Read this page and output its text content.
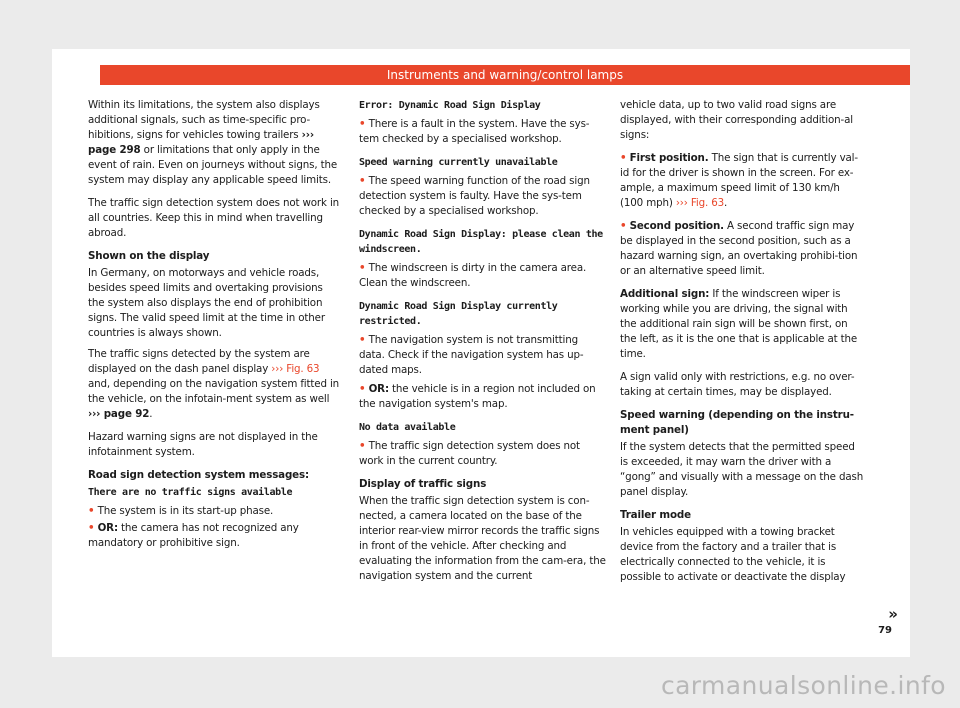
Instruments and warning/control lamps

Within its limitations, the system also displays additional signals, such as time-specific pro-hibitions, signs for vehicles towing trailers ››› page 298 or limitations that only apply in the event of rain. Even on journeys without signs, the system may display any applicable speed limits.

The traffic sign detection system does not work in all countries. Keep this in mind when travelling abroad.

Shown on the display
In Germany, on motorways and vehicle roads, besides speed limits and overtaking provisions the system also displays the end of prohibition signs. The valid speed limit at the time in other countries is always shown.

The traffic signs detected by the system are displayed on the dash panel display ››› Fig. 63 and, depending on the navigation system fitted in the vehicle, on the infotain-ment system as well ››› page 92.

Hazard warning signs are not displayed in the infotainment system.

Road sign detection system messages:
There are no traffic signs available

• The system is in its start-up phase.

• OR: the camera has not recognized any mandatory or prohibitive sign.

Error: Dynamic Road Sign Display

• There is a fault in the system. Have the sys-tem checked by a specialised workshop.

Speed warning currently unavailable

• The speed warning function of the road sign detection system is faulty. Have the sys-tem checked by a specialised workshop.

Dynamic Road Sign Display: please clean the windscreen.

• The windscreen is dirty in the camera area. Clean the windscreen.

Dynamic Road Sign Display currently restricted.

• The navigation system is not transmitting data. Check if the navigation system has up-dated maps.

• OR: the vehicle is in a region not included on the navigation system's map.

No data available

• The traffic sign detection system does not work in the current country.

Display of traffic signs
When the traffic sign detection system is con-nected, a camera located on the base of the interior rear-view mirror records the traffic signs in front of the vehicle. After checking and evaluating the information from the cam-era, the navigation system and the current

vehicle data, up to two valid road signs are displayed, with their corresponding addition-al signs:

• First position. The sign that is currently val-id for the driver is shown in the screen. For ex-ample, a maximum speed limit of 130 km/h (100 mph) ››› Fig. 63.

• Second position. A second traffic sign may be displayed in the second position, such as a hazard warning sign, an overtaking prohibi-tion or an alternative speed limit.

Additional sign: If the windscreen wiper is working while you are driving, the signal with the additional rain sign will be shown first, on the left, as it is the one that is applicable at the time.

A sign valid only with restrictions, e.g. no over-taking at certain times, may be displayed.

Speed warning (depending on the instru-ment panel)
If the system detects that the permitted speed is exceeded, it may warn the driver with a “gong” and visually with a message on the dash panel display.

Trailer mode
In vehicles equipped with a towing bracket device from the factory and a trailer that is electrically connected to the vehicle, it is possible to activate or deactivate the display

»
79
carmanualsonline.info
